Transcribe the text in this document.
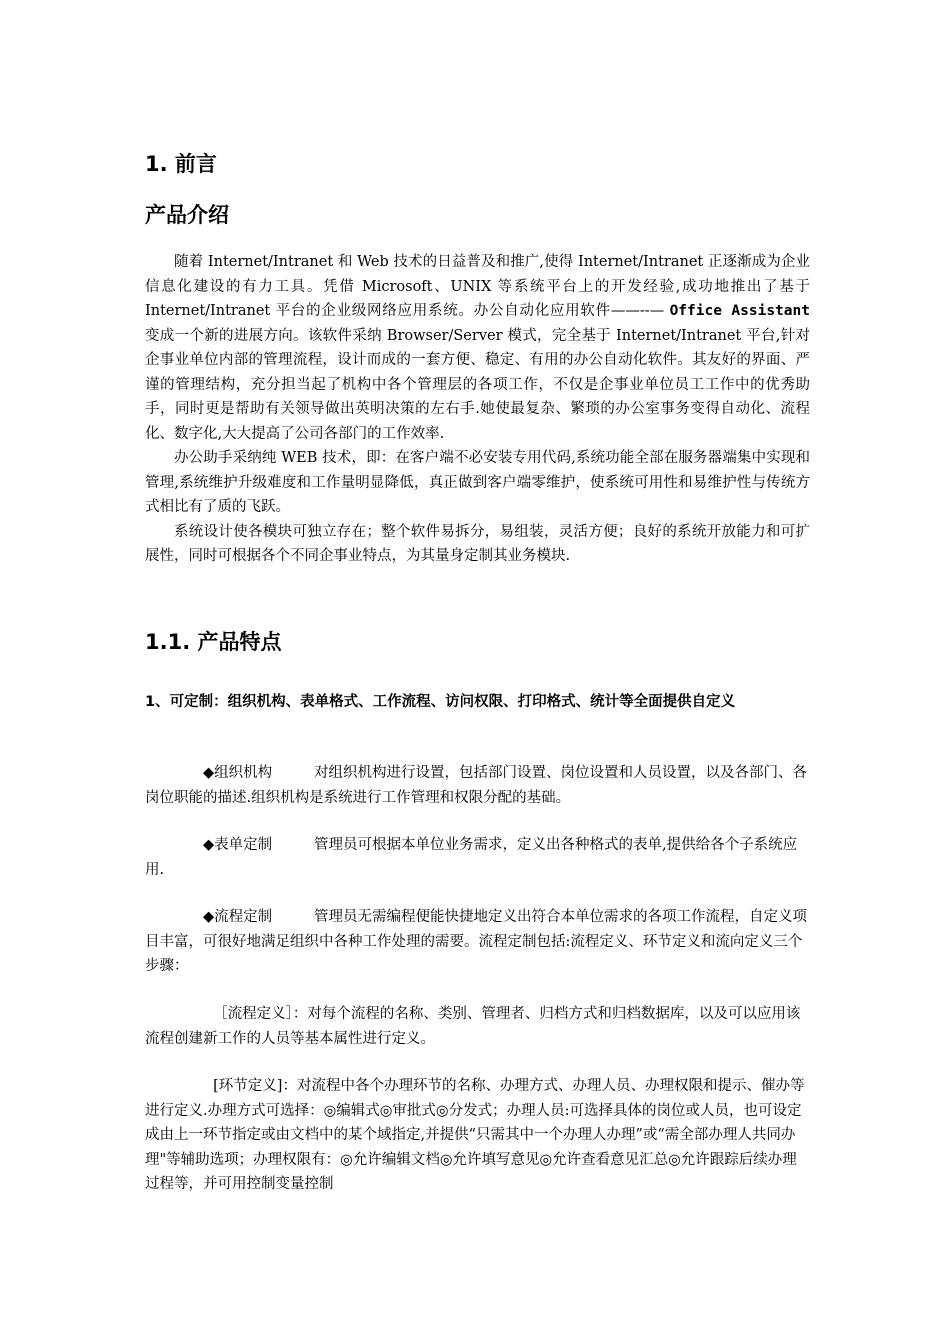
1. 前言
产品介绍

随着 Internet/Intranet 和 Web 技术的日益普及和推广,使得 Internet/Intranet 正逐渐成为企业信息化建设的有力工具。凭借 Microsoft、UNIX 等系统平台上的开发经验,成功地推出了基于 Internet/Intranet 平台的企业级网络应用系统。办公自动化应用软件——--— Office Assistant 变成一个新的进展方向。该软件采纳 Browser/Server 模式，完全基于 Internet/Intranet 平台,针对企事业单位内部的管理流程，设计而成的一套方便、稳定、有用的办公自动化软件。其友好的界面、严谨的管理结构，充分担当起了机构中各个管理层的各项工作，不仅是企事业单位员工工作中的优秀助手，同时更是帮助有关领导做出英明决策的左右手.她使最复杂、繁琐的办公室事务变得自动化、流程化、数字化,大大提高了公司各部门的工作效率.

办公助手采纳纯 WEB 技术，即：在客户端不必安装专用代码,系统功能全部在服务器端集中实现和管理,系统维护升级难度和工作量明显降低，真正做到客户端零维护，使系统可用性和易维护性与传统方式相比有了质的飞跃。

系统设计使各模块可独立存在；整个软件易拆分，易组装，灵活方便；良好的系统开放能力和可扩展性，同时可根据各个不同企事业特点，为其量身定制其业务模块.

1.1. 产品特点
1、可定制：组织机构、表单格式、工作流程、访问权限、打印格式、统计等全面提供自定义

◆组织机构	对组织机构进行设置，包括部门设置、岗位设置和人员设置，以及各部门、各岗位职能的描述.组织机构是系统进行工作管理和权限分配的基础。

◆表单定制	管理员可根据本单位业务需求，定义出各种格式的表单,提供给各个子系统应用.

◆流程定制	管理员无需编程便能快捷地定义出符合本单位需求的各项工作流程，自定义项目丰富，可很好地满足组织中各种工作处理的需要。流程定制包括:流程定义、环节定义和流向定义三个步骤：

［流程定义］：对每个流程的名称、类别、管理者、归档方式和归档数据库，以及可以应用该流程创建新工作的人员等基本属性进行定义。

[环节定义]：对流程中各个办理环节的名称、办理方式、办理人员、办理权限和提示、催办等进行定义.办理方式可选择：◎编辑式◎审批式◎分发式；办理人员:可选择具体的岗位或人员，也可设定成由上一环节指定或由文档中的某个域指定,并提供“只需其中一个办理人办理”或“需全部办理人共同办理"等辅助选项；办理权限有：◎允许编辑文档◎允许填写意见◎允许查看意见汇总◎允许跟踪后续办理过程等，并可用控制变量控制
